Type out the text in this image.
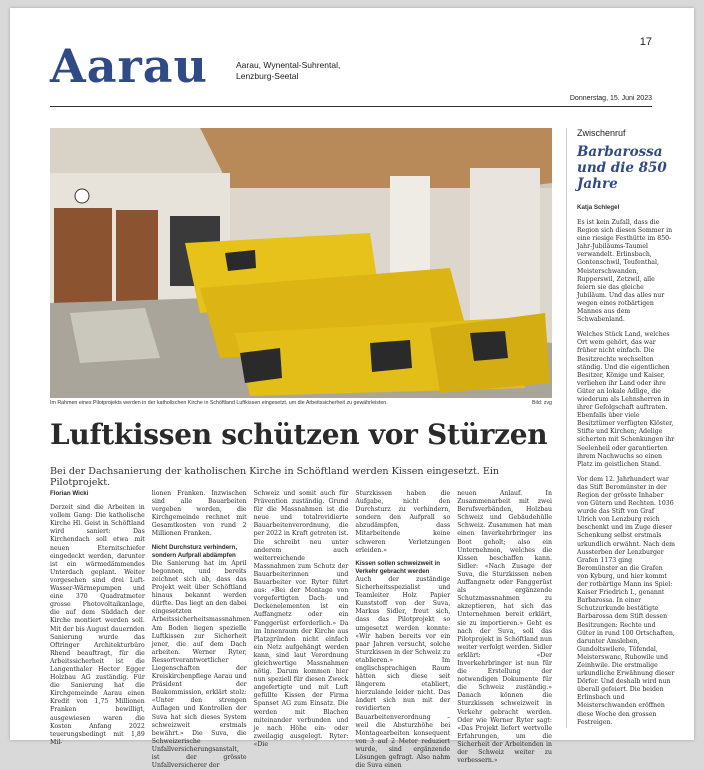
Aarau	Aarau, Wynental-Suhrental,
Lenzburg-Seetal
17
Donnerstag, 15. Juni 2023
Im Rahmen eines Pilotprojekts werden in der katholischen Kirche in Schöftland Luftkissen eingesetzt, um die Arbeitssicherheit zu gewährleisten.	Bild: zvg
Luftkissen schützen vor Stürzen
Bei der Dachsanierung der katholischen Kirche in Schöftland werden Kissen eingesetzt. Ein Pilotprojekt.
Florian Wicki

Derzeit sind die Arbeiten in vollem Gang: Die katholische Kirche Hl. Geist in Schöftland wird saniert: Das Kirchendach soll etwa mit neuen Eternitschiefer eingedeckt werden, darunter ist ein wärmedämmendes Unterdach geplant. Weiter vorgesehen sind drei Luft-Wasser-Wärmepumpen und eine 370 Quadratmeter grosse Photovoltaikanlage, die auf dem Süddach der Kirche montiert werden soll. Mit der bis August dauernden Sanierung wurde das Oftringer Architekturbüro Rhend beauftragt, für die Arbeitssicherheit ist die Langenthaler Hector Egger Holzbau AG zuständig. Für die Sanierung hat die Kirchgemeinde Aarau einen Kredit von 1,75 Millionen Franken bewilligt, ausgewiesen waren die Kosten Anfang 2022 teuerungsbedingt mit 1,89 Mil-

lionen Franken. Inzwischen sind alle Bauarbeiten vergeben worden, die Kirchgemeinde rechnet mit Gesamtkosten von rund 2 Millionen Franken.

Nicht Durchsturz verhindern, sondern Aufprall abdämpfen

Die Sanierung hat im April begonnen, und bereits zeichnet sich ab, dass das Projekt weit über Schöftland hinaus bekannt werden dürfte. Das liegt an den dabei eingesetzten Arbeitssicherheitsmassnahmen. Am Boden liegen spezielle Luftkissen zur Sicherheit jener, die auf dem Dach arbeiten. Werner Ryter, Ressortverantwortlicher Liegenschaften der Kreiskirchenpflege Aarau und Präsident der Baukommission, erklärt stolz: «Unter den strengen Auflagen und Kontrollen der Suva hat sich dieses System schweizweit erstmals bewährt.» Die Suva, die Schweizerische Unfallversicherungsanstalt, ist der grösste Unfallversicherer der

Schweiz und somit auch für Prävention zuständig. Grund für die Massnahmen ist die neue und totalrevidierte Bauarbeitenverordnung, die per 2022 in Kraft getreten ist. Die schreibt neu unter anderem auch weiterreichende Massnahmen zum Schutz der Bauarbeiterinnen und Bauarbeiter vor. Ryter führt aus: «Bei der Montage von vorgefertigten Dach- und Deckenelementen ist ein Auffangnetz oder ein Fanggerüst erforderlich.» Da im Innenraum der Kirche aus Platzgründen nicht einfach ein Netz aufgehängt werden kann, sind laut Verordnung gleichwertige Massnahmen nötig. Darum kommen hier nun speziell für diesen Zweck angefertigte und mit Luft gefüllte Kissen der Firma Spanset AG zum Einsatz. Die werden mit Blachen miteinander verbunden und je nach Höhe ein- oder zweilagig ausgelegt. Ryter: «Die

Sturzkissen haben die Aufgabe, nicht den Durchsturz zu verhindern, sondern den Aufprall so abzudämpfen, dass Mitarbeitende keine schweren Verletzungen erleiden.»

Kissen sollen schweizweit in Verkehr gebracht werden

Auch der zuständige Sicherheitsspezialist und Teamleiter Holz Papier Kunststoff von der Suva, Markus Sidler, freut sich, dass das Pilotprojekt so umgesetzt werden konnte: «Wir haben bereits vor ein paar Jahren versucht, solche Sturzkissen in der Schweiz zu etablieren.» Im englischsprachigen Raum hätten sich diese seit längerem etabliert, hierzulande leider nicht. Das ändert sich nun mit der revidierten Bauarbeitenverordnung – weil die Absturzhöhe bei Montagearbeiten konsequent von 3 auf 2 Meter reduziert wurde, sind ergänzende Lösungen gefragt. Also nahm die Suva einen

neuen Anlauf. In Zusammenarbeit mit zwei Berufsverbänden, Holzbau Schweiz und Gebäudehülle Schweiz. Zusammen hat man einen Inverkehrbringer ins Boot geholt; also ein Unternehmen, welches die Kissen beschaffen kann. Sidler: «Nach Zusage der Suva, die Sturzkissen neben Auffangnetz oder Fanggerüst als ergänzende Schutzmassnahmen zu akzeptieren, hat sich das Unternehmen bereit erklärt, sie zu importieren.» Geht es nach der Suva, soll das Pilotprojekt in Schöftland nun weiter verfolgt werden. Sidler erklärt: «Der Inverkehrbringer ist nun für die Erstellung der notwendigen Dokumente für die Schweiz zuständig.» Danach können die Sturzkissen schweizweit in Verkehr gebracht werden. Oder wie Werner Ryter sagt: «Das Projekt liefert wertvolle Erfahrungen, um die Sicherheit der Arbeitenden in der Schweiz weiter zu verbessern.»

Zwischenruf
Barbarossa und die 850 Jahre
Katja Schlegel

Es ist kein Zufall, dass die Region sich diesen Sommer in eine riesige Festhütte im 850-Jahr-Jubiläums-Taumel verwandelt. Erlinsbach, Gontenschwil, Teufenthal, Meisterschwanden, Rupperswil, Zetzwil, alle feiern sie das gleiche Jubiläum. Und das alles nur wegen eines rotbärtigen Mannes aus dem Schwabenland.

Welches Stück Land, welches Ort wem gehört, das war früher nicht einfach. Die Besitzrechte wechselten ständig. Und die eigentlichen Besitzer, Könige und Kaiser, verliehen ihr Land oder ihre Güter an lokale Adlige, die wiederum als Lehnsherren in ihrer Gefolgschaft auftraten. Ebenfalls über viele Besitztümer verfügten Klöster, Stifte und Kirchen; Adelige sicherten mit Schenkungen ihr Seelenheil oder garantierten ihrem Nachwuchs so einen Platz im geistlichen Stand.

Vor dem 12. Jahrhundert war das Stift Beromünster in der Region der grösste Inhaber von Gütern und Rechten. 1036 wurde das Stift von Graf Ulrich von Lenzburg reich beschenkt und im Zuge dieser Schenkung selbst erstmals urkundlich erwähnt. Nach dem Aussterben der Lenzburger Grafen 1173 ging Beromünster an die Grafen von Kyburg, und hier kommt der rotbärtige Mann ins Spiel: Kaiser Friedrich I., genannt Barbarossa. In einer Schutzurkunde bestätigte Barbarossa dem Stift dessen Besitzungen: Rechte und Güter in rund 100 Ortschaften, darunter Amsleben, Gundoltswilere, Töfendal, Meisterswanc, Rubowile und Zeinhwile. Die erstmalige urkundliche Erwähnung dieser Dörfer. Und deshalb wird nun überall gefeiert. Die beiden Erlinsbach und Meisterschwanden eröffnen diese Woche den grossen Festreigen.
